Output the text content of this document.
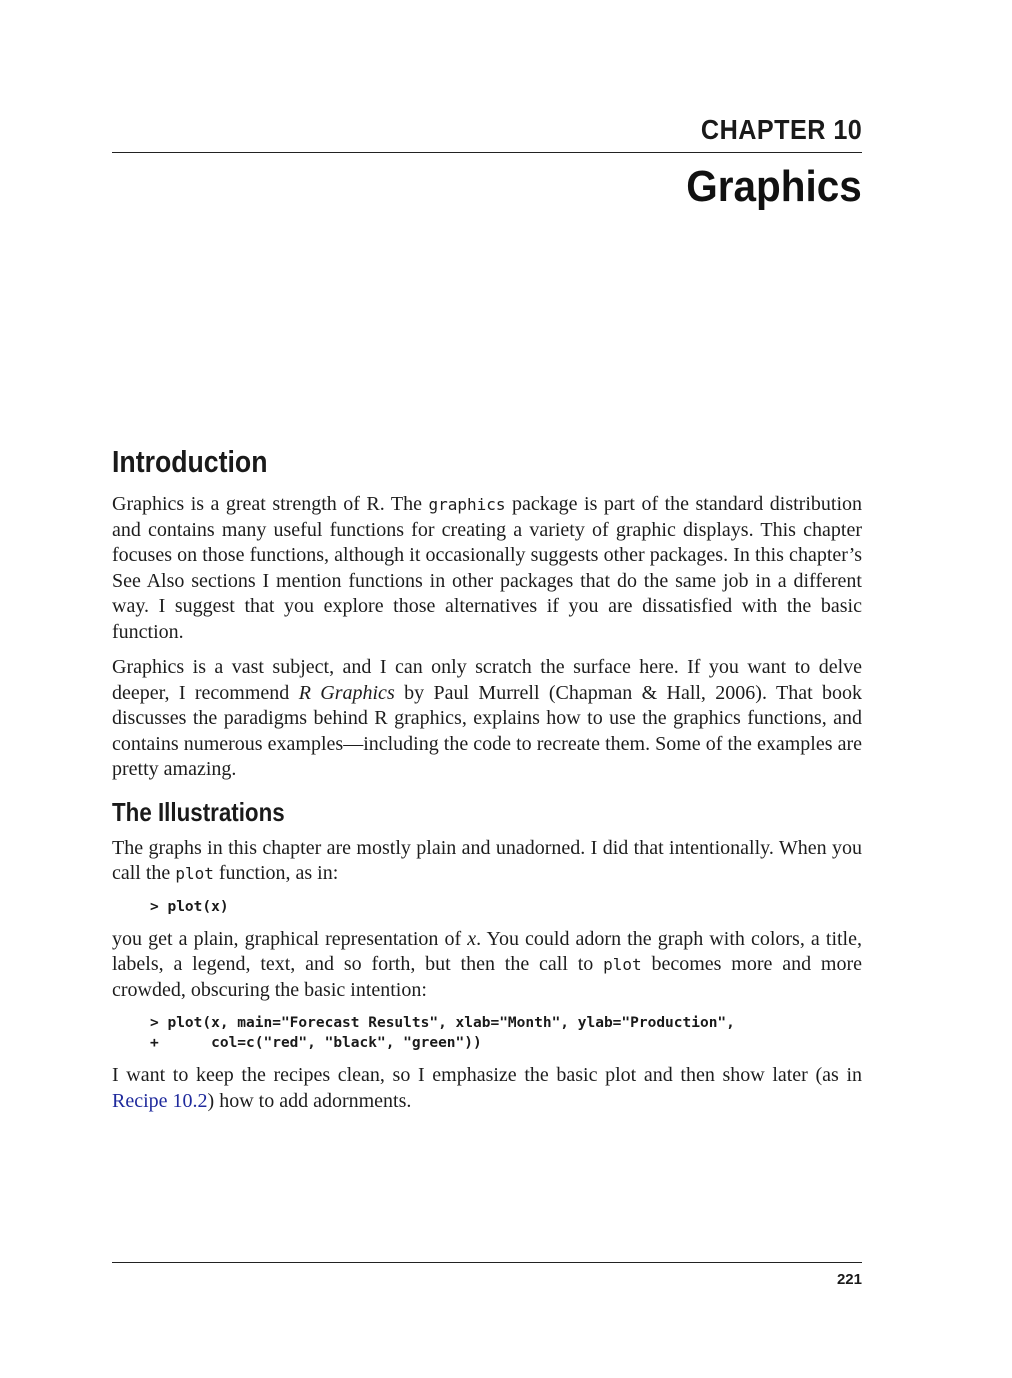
CHAPTER 10
Graphics
Introduction

Graphics is a great strength of R. The graphics package is part of the standard distribution and contains many useful functions for creating a variety of graphic displays. This chapter focuses on those functions, although it occasionally suggests other packages. In this chapter’s See Also sections I mention functions in other packages that do the same job in a different way. I suggest that you explore those alternatives if you are dissatisfied with the basic function.

Graphics is a vast subject, and I can only scratch the surface here. If you want to delve deeper, I recommend R Graphics by Paul Murrell (Chapman & Hall, 2006). That book discusses the paradigms behind R graphics, explains how to use the graphics functions, and contains numerous examples—including the code to recreate them. Some of the examples are pretty amazing.

The Illustrations

The graphs in this chapter are mostly plain and unadorned. I did that intentionally. When you call the plot function, as in:

> plot(x)

you get a plain, graphical representation of x. You could adorn the graph with colors, a title, labels, a legend, text, and so forth, but then the call to plot becomes more and more crowded, obscuring the basic intention:

> plot(x, main="Forecast Results", xlab="Month", ylab="Production",
+      col=c("red", "black", "green"))

I want to keep the recipes clean, so I emphasize the basic plot and then show later (as in Recipe 10.2) how to add adornments.

221
